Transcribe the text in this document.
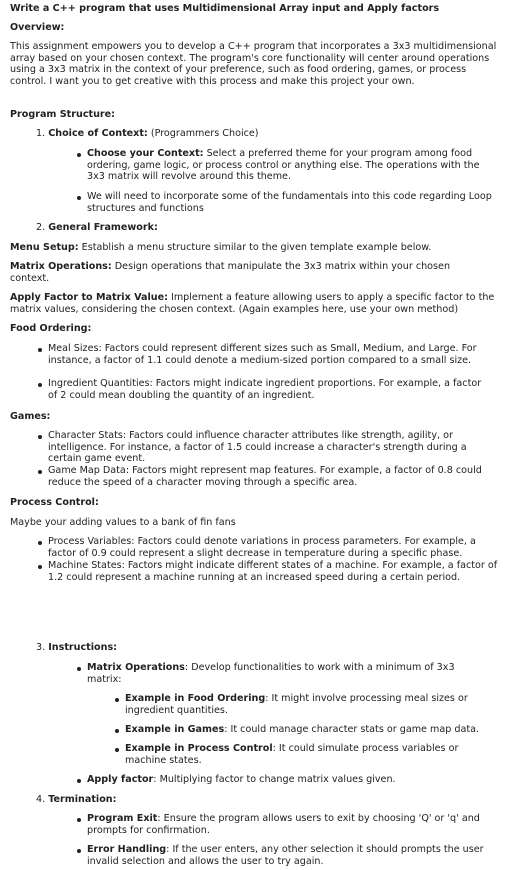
Write a C++ program that uses Multidimensional Array input and Apply factors
Overview:
This assignment empowers you to develop a C++ program that incorporates a 3x3 multidimensional array based on your chosen context. The program's core functionality will center around operations using a 3x3 matrix in the context of your preference, such as food ordering, games, or process control. I want you to get creative with this process and make this project your own.
Program Structure:
1. Choice of Context: (Programmers Choice)
Choose your Context: Select a preferred theme for your program among food ordering, game logic, or process control or anything else. The operations with the 3x3 matrix will revolve around this theme.
We will need to incorporate some of the fundamentals into this code regarding Loop structures and functions
2. General Framework:
Menu Setup: Establish a menu structure similar to the given template example below.
Matrix Operations: Design operations that manipulate the 3x3 matrix within your chosen context.
Apply Factor to Matrix Value: Implement a feature allowing users to apply a specific factor to the matrix values, considering the chosen context. (Again examples here, use your own method)
Food Ordering:
Meal Sizes: Factors could represent different sizes such as Small, Medium, and Large. For instance, a factor of 1.1 could denote a medium-sized portion compared to a small size.
Ingredient Quantities: Factors might indicate ingredient proportions. For example, a factor of 2 could mean doubling the quantity of an ingredient.
Games:
Character Stats: Factors could influence character attributes like strength, agility, or intelligence. For instance, a factor of 1.5 could increase a character's strength during a certain game event.
Game Map Data: Factors might represent map features. For example, a factor of 0.8 could reduce the speed of a character moving through a specific area.
Process Control:
Maybe your adding values to a bank of fin fans
Process Variables: Factors could denote variations in process parameters. For example, a factor of 0.9 could represent a slight decrease in temperature during a specific phase.
Machine States: Factors might indicate different states of a machine. For example, a factor of 1.2 could represent a machine running at an increased speed during a certain period.
3. Instructions:
Matrix Operations: Develop functionalities to work with a minimum of 3x3 matrix:
Example in Food Ordering: It might involve processing meal sizes or ingredient quantities.
Example in Games: It could manage character stats or game map data.
Example in Process Control: It could simulate process variables or machine states.
Apply factor: Multiplying factor to change matrix values given.
4. Termination:
Program Exit: Ensure the program allows users to exit by choosing 'Q' or 'q' and prompts for confirmation.
Error Handling: If the user enters, any other selection it should prompts the user invalid selection and allows the user to try again.
